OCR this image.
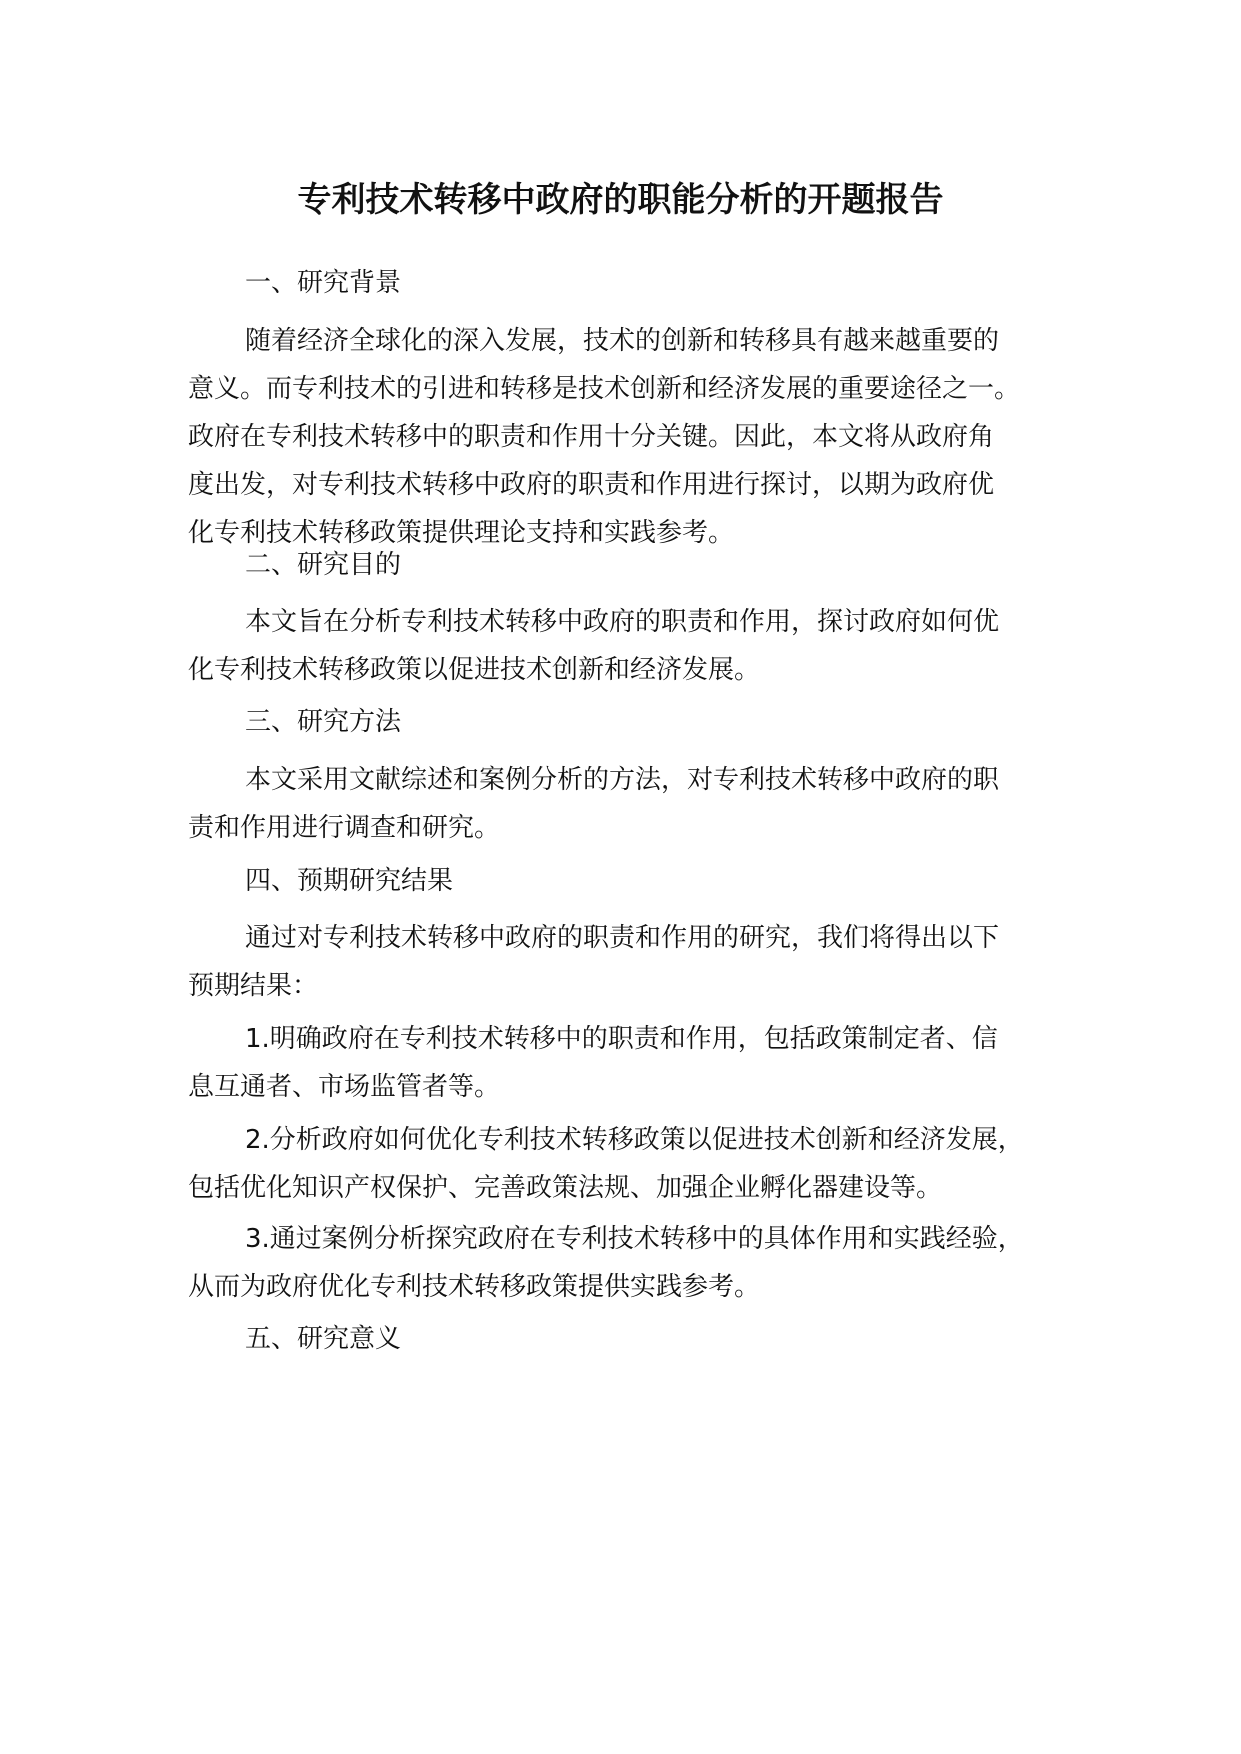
专利技术转移中政府的职能分析的开题报告
一、研究背景
随着经济全球化的深入发展，技术的创新和转移具有越来越重要的
意义。而专利技术的引进和转移是技术创新和经济发展的重要途径之一。
政府在专利技术转移中的职责和作用十分关键。因此，本文将从政府角
度出发，对专利技术转移中政府的职责和作用进行探讨，以期为政府优
化专利技术转移政策提供理论支持和实践参考。
二、研究目的
本文旨在分析专利技术转移中政府的职责和作用，探讨政府如何优
化专利技术转移政策以促进技术创新和经济发展。
三、研究方法
本文采用文献综述和案例分析的方法，对专利技术转移中政府的职
责和作用进行调查和研究。
四、预期研究结果
通过对专利技术转移中政府的职责和作用的研究，我们将得出以下
预期结果：
1.明确政府在专利技术转移中的职责和作用，包括政策制定者、信
息互通者、市场监管者等。
2.分析政府如何优化专利技术转移政策以促进技术创新和经济发展，
包括优化知识产权保护、完善政策法规、加强企业孵化器建设等。
3.通过案例分析探究政府在专利技术转移中的具体作用和实践经验，
从而为政府优化专利技术转移政策提供实践参考。
五、研究意义
